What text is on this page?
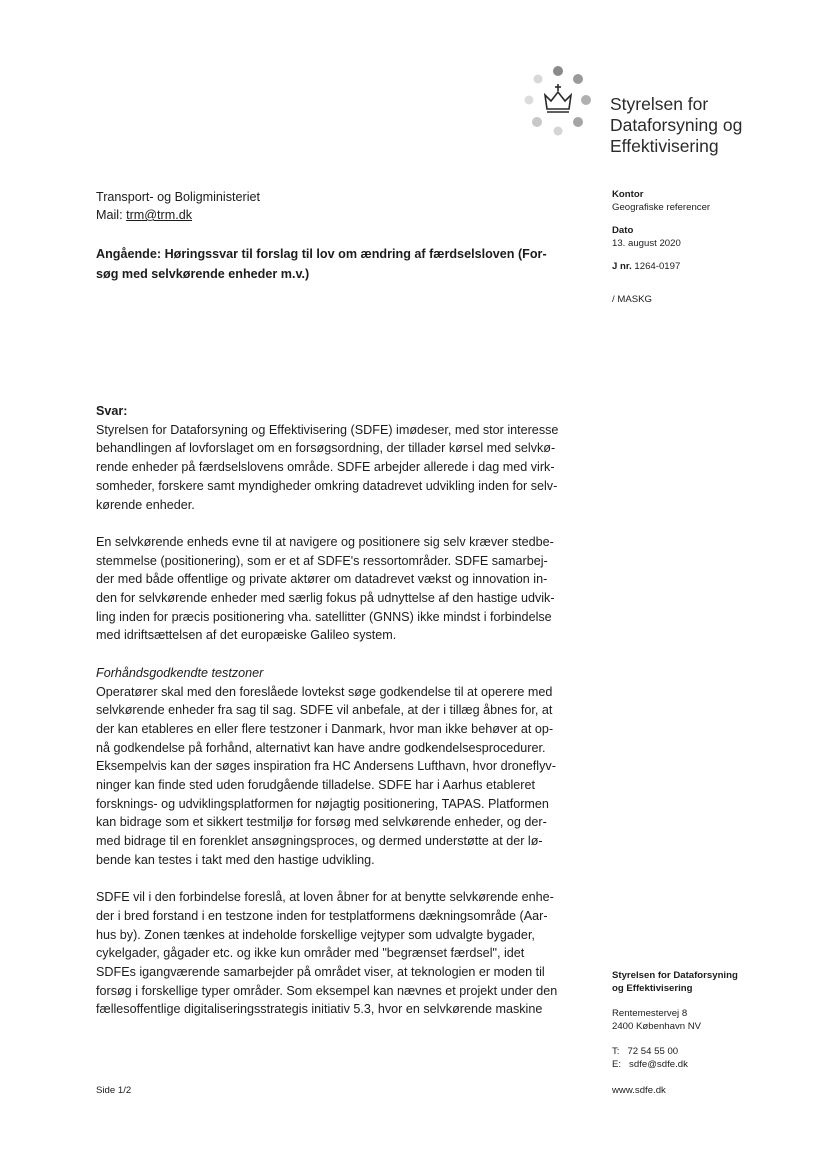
Styrelsen for
Dataforsyning og
Effektivisering
Transport- og Boligministeriet
Mail: trm@trm.dk
Angående: Høringssvar til forslag til lov om ændring af færdselsloven (For-
søg med selvkørende enheder m.v.)
Kontor
Geografiske referencer
Dato
13. august 2020
J nr. 1264-0197
/ MASKG

Svar:

Styrelsen for Dataforsyning og Effektivisering (SDFE) imødeser, med stor interesse

behandlingen af lovforslaget om en forsøgsordning, der tillader kørsel med selvkø-

rende enheder på færdselslovens område. SDFE arbejder allerede i dag med virk-

somheder, forskere samt myndigheder omkring datadrevet udvikling inden for selv-

kørende enheder.

En selvkørende enheds evne til at navigere og positionere sig selv kræver stedbe-

stemmelse (positionering), som er et af SDFE's ressortområder. SDFE samarbej-

der med både offentlige og private aktører om datadrevet vækst og innovation in-

den for selvkørende enheder med særlig fokus på udnyttelse af den hastige udvik-

ling inden for præcis positionering vha. satellitter (GNNS) ikke mindst i forbindelse

med idriftsættelsen af det europæiske Galileo system.

Forhåndsgodkendte testzoner

Operatører skal med den foreslåede lovtekst søge godkendelse til at operere med

selvkørende enheder fra sag til sag. SDFE vil anbefale, at der i tillæg åbnes for, at

der kan etableres en eller flere testzoner i Danmark, hvor man ikke behøver at op-

nå godkendelse på forhånd, alternativt kan have andre godkendelsesprocedurer.

Eksempelvis kan der søges inspiration fra HC Andersens Lufthavn, hvor droneflyv-

ninger kan finde sted uden forudgående tilladelse. SDFE har i Aarhus etableret

forsknings- og udviklingsplatformen for nøjagtig positionering, TAPAS. Platformen

kan bidrage som et sikkert testmiljø for forsøg med selvkørende enheder, og der-

med bidrage til en forenklet ansøgningsproces, og dermed understøtte at der lø-

bende kan testes i takt med den hastige udvikling.

SDFE vil i den forbindelse foreslå, at loven åbner for at benytte selvkørende enhe-

der i bred forstand i en testzone inden for testplatformens dækningsområde (Aar-

hus by). Zonen tænkes at indeholde forskellige vejtyper som udvalgte bygader,

cykelgader, gågader etc. og ikke kun områder med "begrænset færdsel", idet

SDFEs igangværende samarbejder på området viser, at teknologien er moden til

forsøg i forskellige typer områder. Som eksempel kan nævnes et projekt under den

fællesoffentlige digitaliseringsstrategis initiativ 5.3, hvor en selvkørende maskine

Styrelsen for Dataforsyning
og Effektivisering
Rentemestervej 8
2400 København NV
T:   72 54 55 00
E:   sdfe@sdfe.dk
Side 1/2	www.sdfe.dk
